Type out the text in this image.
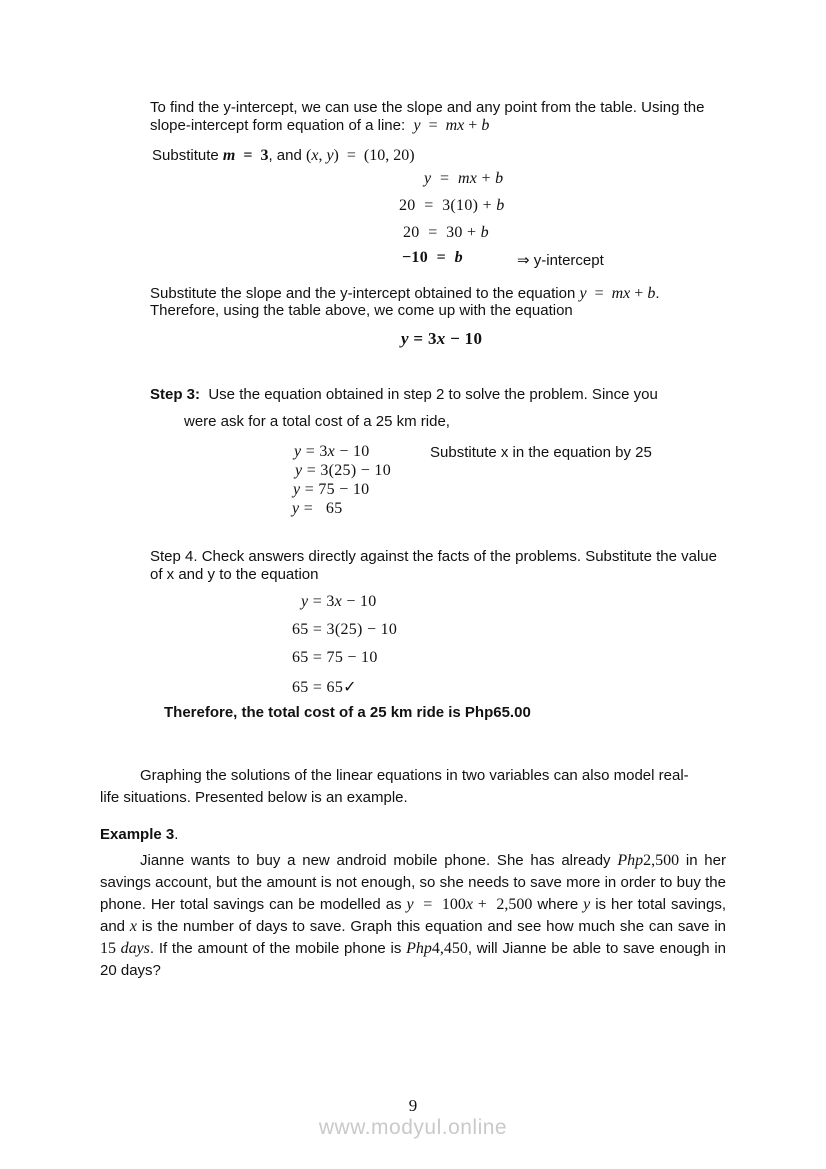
To find the y-intercept, we can use the slope and any point from the table. Using the
slope-intercept form equation of a line:  y  =  mx + b
Substitute m  =  3, and (x, y)  =  (10, 20)
y  =  mx + b
20  =  3(10) + b
20  =  30 + b
−10  =  b	⇒ y-intercept
Substitute the slope and the y-intercept obtained to the equation y  =  mx + b.
Therefore, using the table above, we come up with the equation
y = 3x − 10
Step 3:  Use the equation obtained in step 2 to solve the problem. Since you
were ask for a total cost of a 25 km ride,
y = 3x − 10
y = 3(25) − 10
y = 75 − 10
y =   65
Substitute x in the equation by 25
Step 4. Check answers directly against the facts of the problems. Substitute the value
of x and y to the equation
y = 3x − 10
65 = 3(25) − 10
65 = 75 − 10
65 = 65✓
Therefore, the total cost of a 25 km ride is Php65.00
Graphing the solutions of the linear equations in two variables can also model real-
life situations. Presented below is an example.
Example 3.
Jianne wants to buy a new android mobile phone. She has already Php2,500 in her
savings account, but the amount is not enough, so she needs to save more in order to buy the
phone. Her total savings can be modelled as y  =  100x +  2,500 where y is her total savings,
and x is the number of days to save. Graph this equation and see how much she can save in
15 days. If the amount of the mobile phone is Php4,450, will Jianne be able to save enough in
20 days?
9
www.modyul.online
